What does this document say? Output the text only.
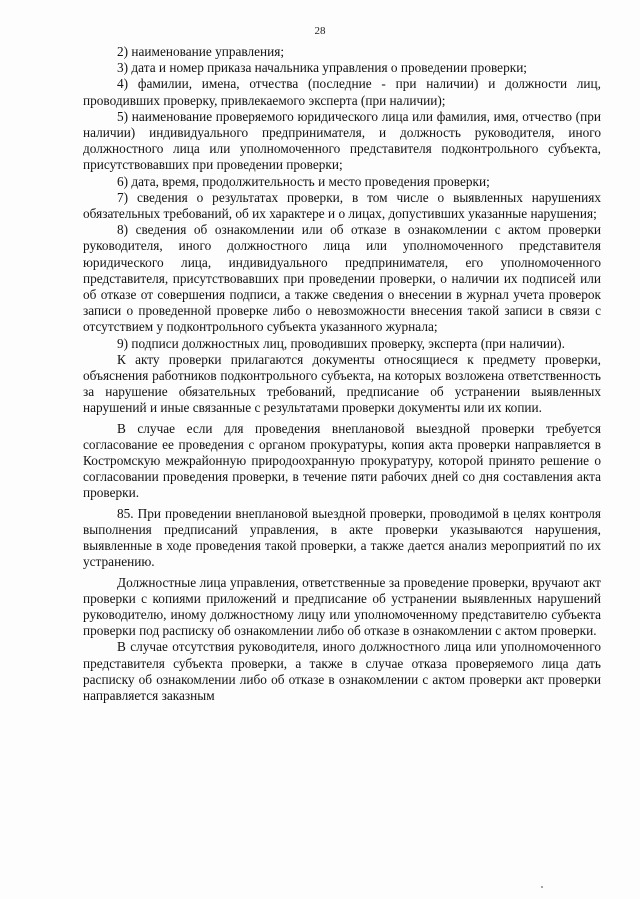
28

2) наименование управления;

3) дата и номер приказа начальника управления о проведении проверки;

4) фамилии, имена, отчества (последние - при наличии) и должности лиц, проводивших проверку, привлекаемого эксперта (при наличии);

5) наименование проверяемого юридического лица или фамилия, имя, отчество (при наличии) индивидуального предпринимателя, и должность руководителя, иного должностного лица или уполномоченного представителя подконтрольного субъекта, присутствовавших при проведении проверки;

6) дата, время, продолжительность и место проведения проверки;

7) сведения о результатах проверки, в том числе о выявленных нарушениях обязательных требований, об их характере и о лицах, допустивших указанные нарушения;

8) сведения об ознакомлении или об отказе в ознакомлении с актом проверки руководителя, иного должностного лица или уполномоченного представителя юридического лица, индивидуального предпринимателя, его уполномоченного представителя, присутствовавших при проведении проверки, о наличии их подписей или об отказе от совершения подписи, а также сведения о внесении в журнал учета проверок записи о проведенной проверке либо о невозможности внесения такой записи в связи с отсутствием у подконтрольного субъекта указанного журнала;

9) подписи должностных лиц, проводивших проверку, эксперта (при наличии).

К акту проверки прилагаются документы относящиеся к предмету проверки, объяснения работников подконтрольного субъекта, на которых возложена ответственность за нарушение обязательных требований, предписание об устранении выявленных нарушений и иные связанные с результатами проверки документы или их копии.

В случае если для проведения внеплановой выездной проверки требуется согласование ее проведения с органом прокуратуры, копия акта проверки направляется в Костромскую межрайонную природоохранную прокуратуру, которой принято решение о согласовании проведения проверки, в течение пяти рабочих дней со дня составления акта проверки.

85. При проведении внеплановой выездной проверки, проводимой в целях контроля выполнения предписаний управления, в акте проверки указываются нарушения, выявленные в ходе проведения такой проверки, а также дается анализ мероприятий по их устранению.

Должностные лица управления, ответственные за проведение проверки, вручают акт проверки с копиями приложений и предписание об устранении выявленных нарушений руководителю, иному должностному лицу или уполномоченному представителю субъекта проверки под расписку об ознакомлении либо об отказе в ознакомлении с актом проверки.

В случае отсутствия руководителя, иного должностного лица или уполномоченного представителя субъекта проверки, а также в случае отказа проверяемого лица дать расписку об ознакомлении либо об отказе в ознакомлении с актом проверки акт проверки направляется заказным
